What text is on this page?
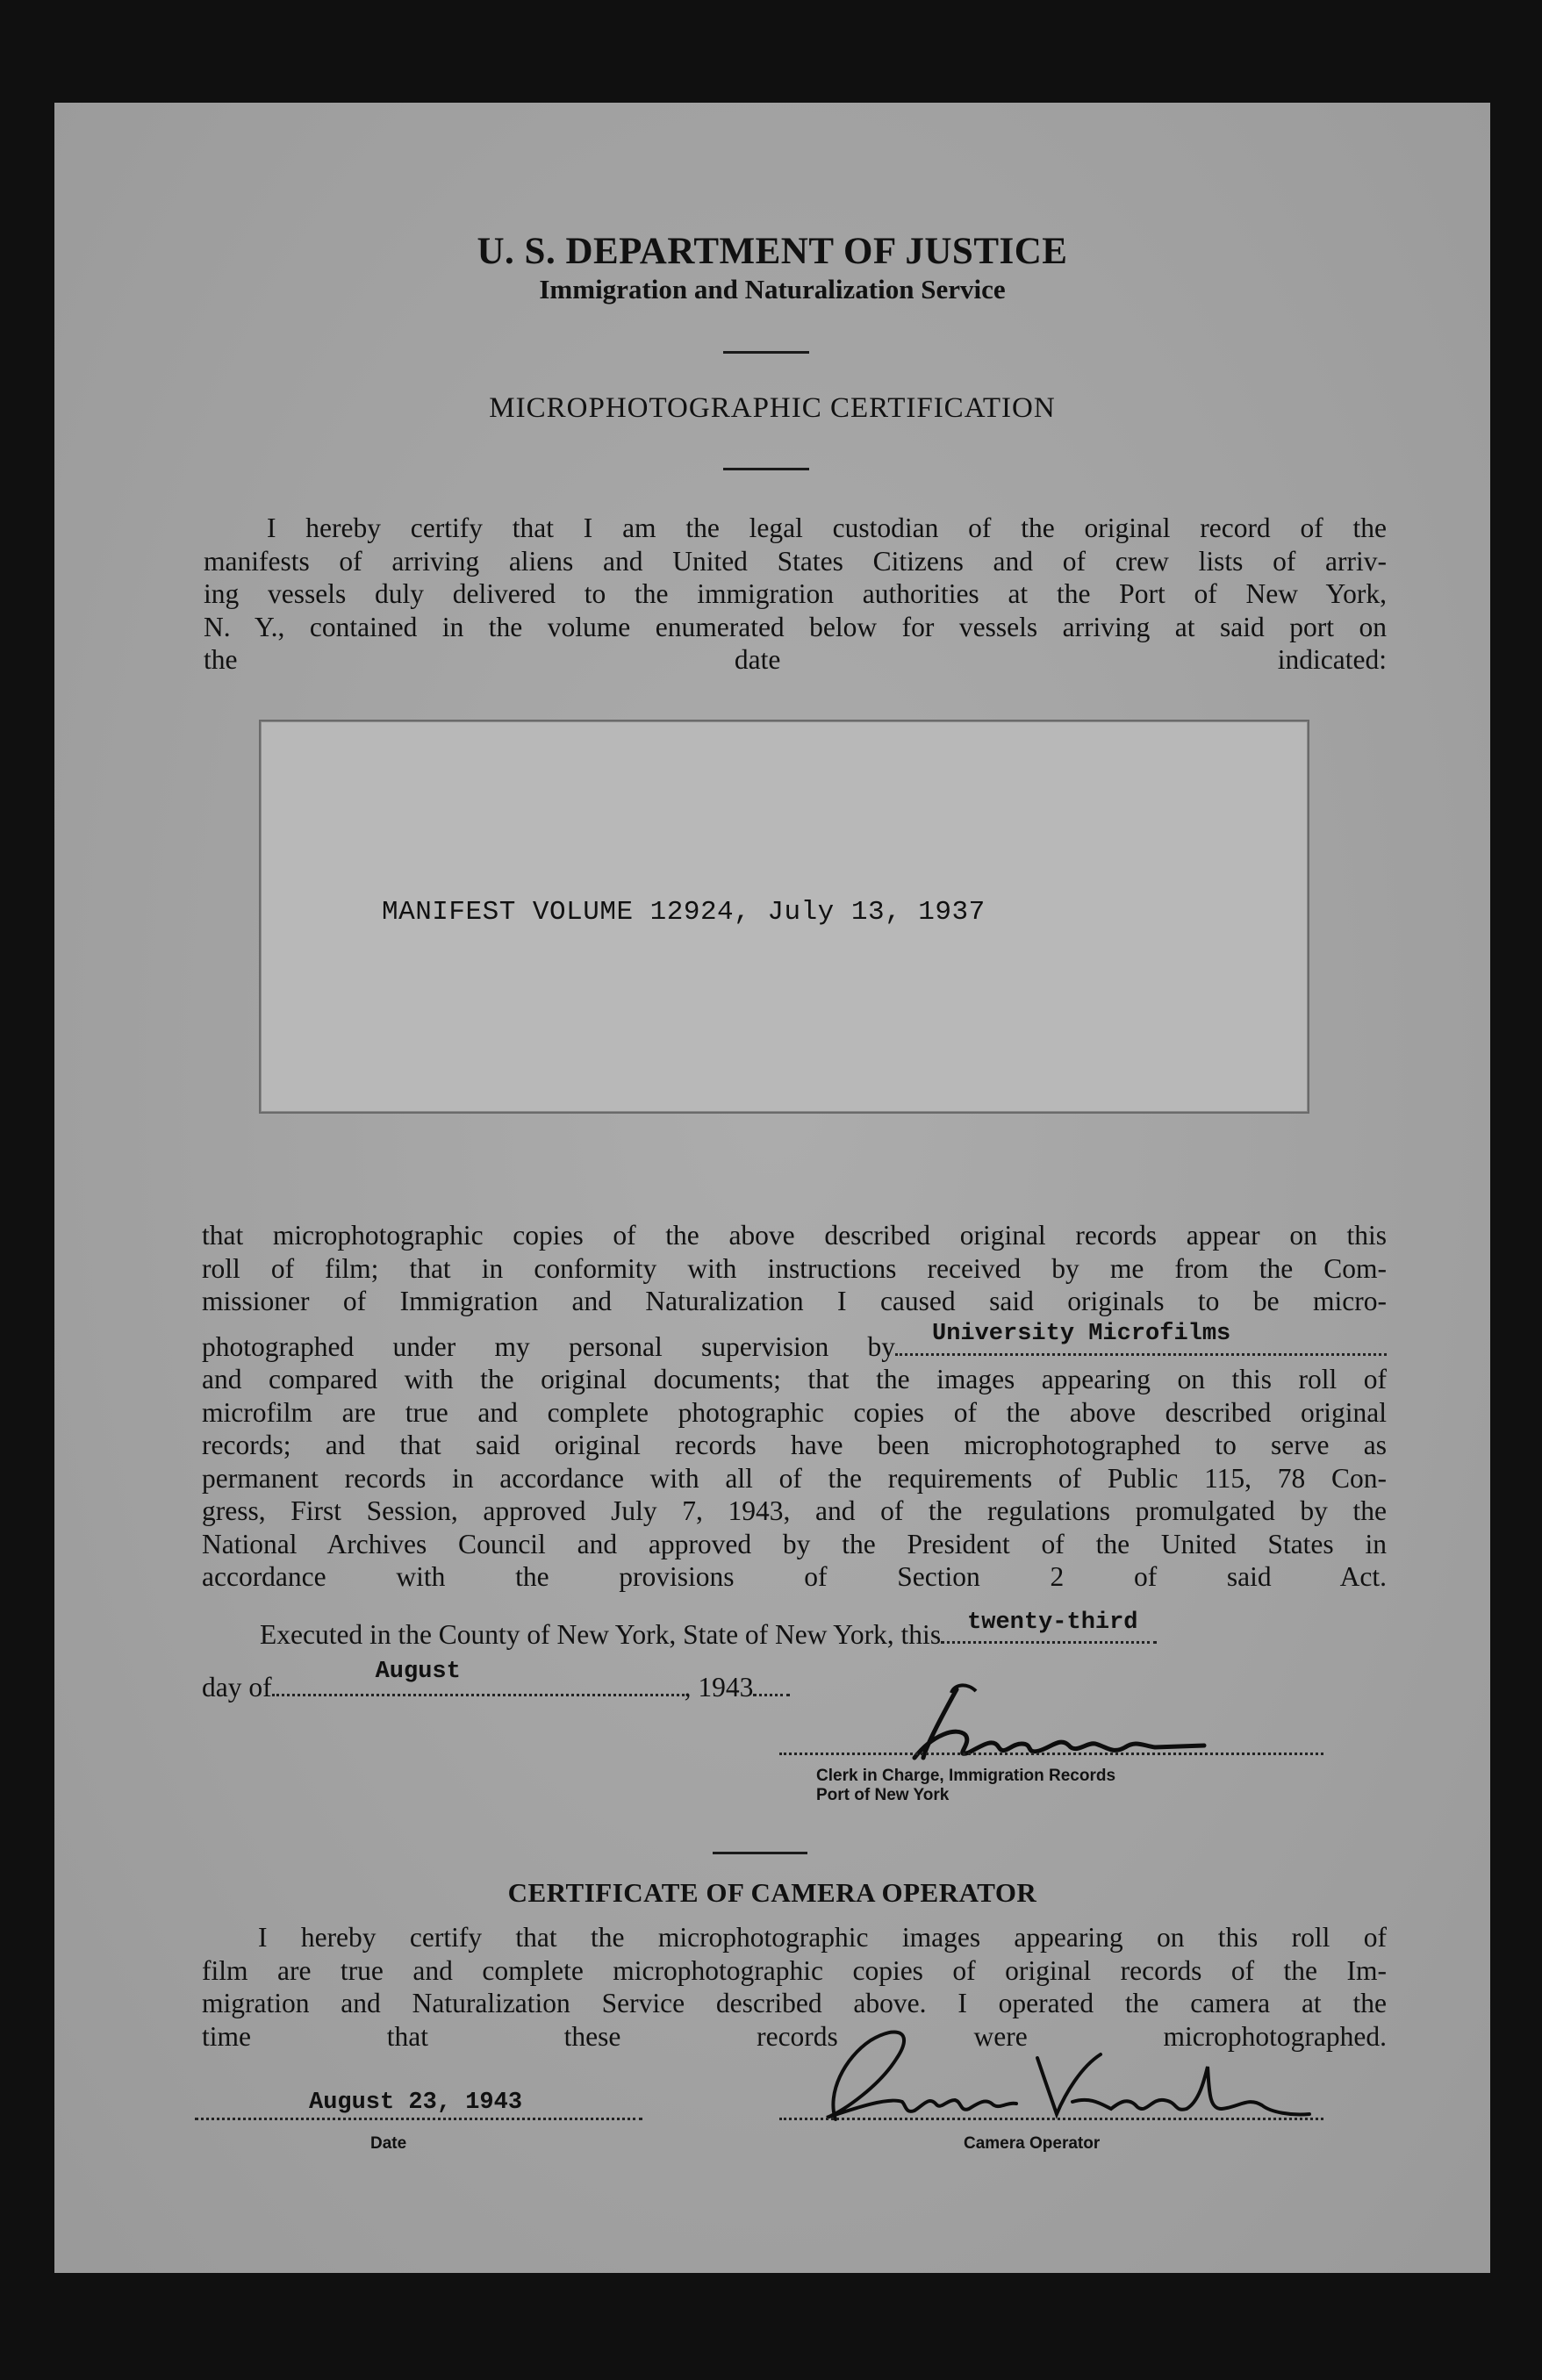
U. S. DEPARTMENT OF JUSTICE
Immigration and Naturalization Service
MICROPHOTOGRAPHIC CERTIFICATION
I hereby certify that I am the legal custodian of the original record of the
manifests of arriving aliens and United States Citizens and of crew lists of arriv-
ing vessels duly delivered to the immigration authorities at the Port of New York,
N. Y., contained in the volume enumerated below for vessels arriving at said port on
the date indicated:
MANIFEST VOLUME 12924, July 13, 1937
that microphotographic copies of the above described original records appear on this
roll of film; that in conformity with instructions received by me from the Com-
missioner of Immigration and Naturalization I caused said originals to be micro-
photographed under my personal supervision by University Microfilms
and compared with the original documents; that the images appearing on this roll of
microfilm are true and complete photographic copies of the above described original
records; and that said original records have been microphotographed to serve as
permanent records in accordance with all of the requirements of Public 115, 78 Con-
gress, First Session, approved July 7, 1943, and of the regulations promulgated by the
National Archives Council and approved by the President of the United States in
accordance with the provisions of Section 2 of said Act.
Executed in the County of New York, State of New York, this twenty-third
day of
August
, 1943
Clerk in Charge, Immigration Records
Port of New York
CERTIFICATE OF CAMERA OPERATOR
I hereby certify that the microphotographic images appearing on this roll of
film are true and complete microphotographic copies of original records of the Im-
migration and Naturalization Service described above. I operated the camera at the
time that these records were microphotographed.
August 23, 1943
Date	Camera Operator
